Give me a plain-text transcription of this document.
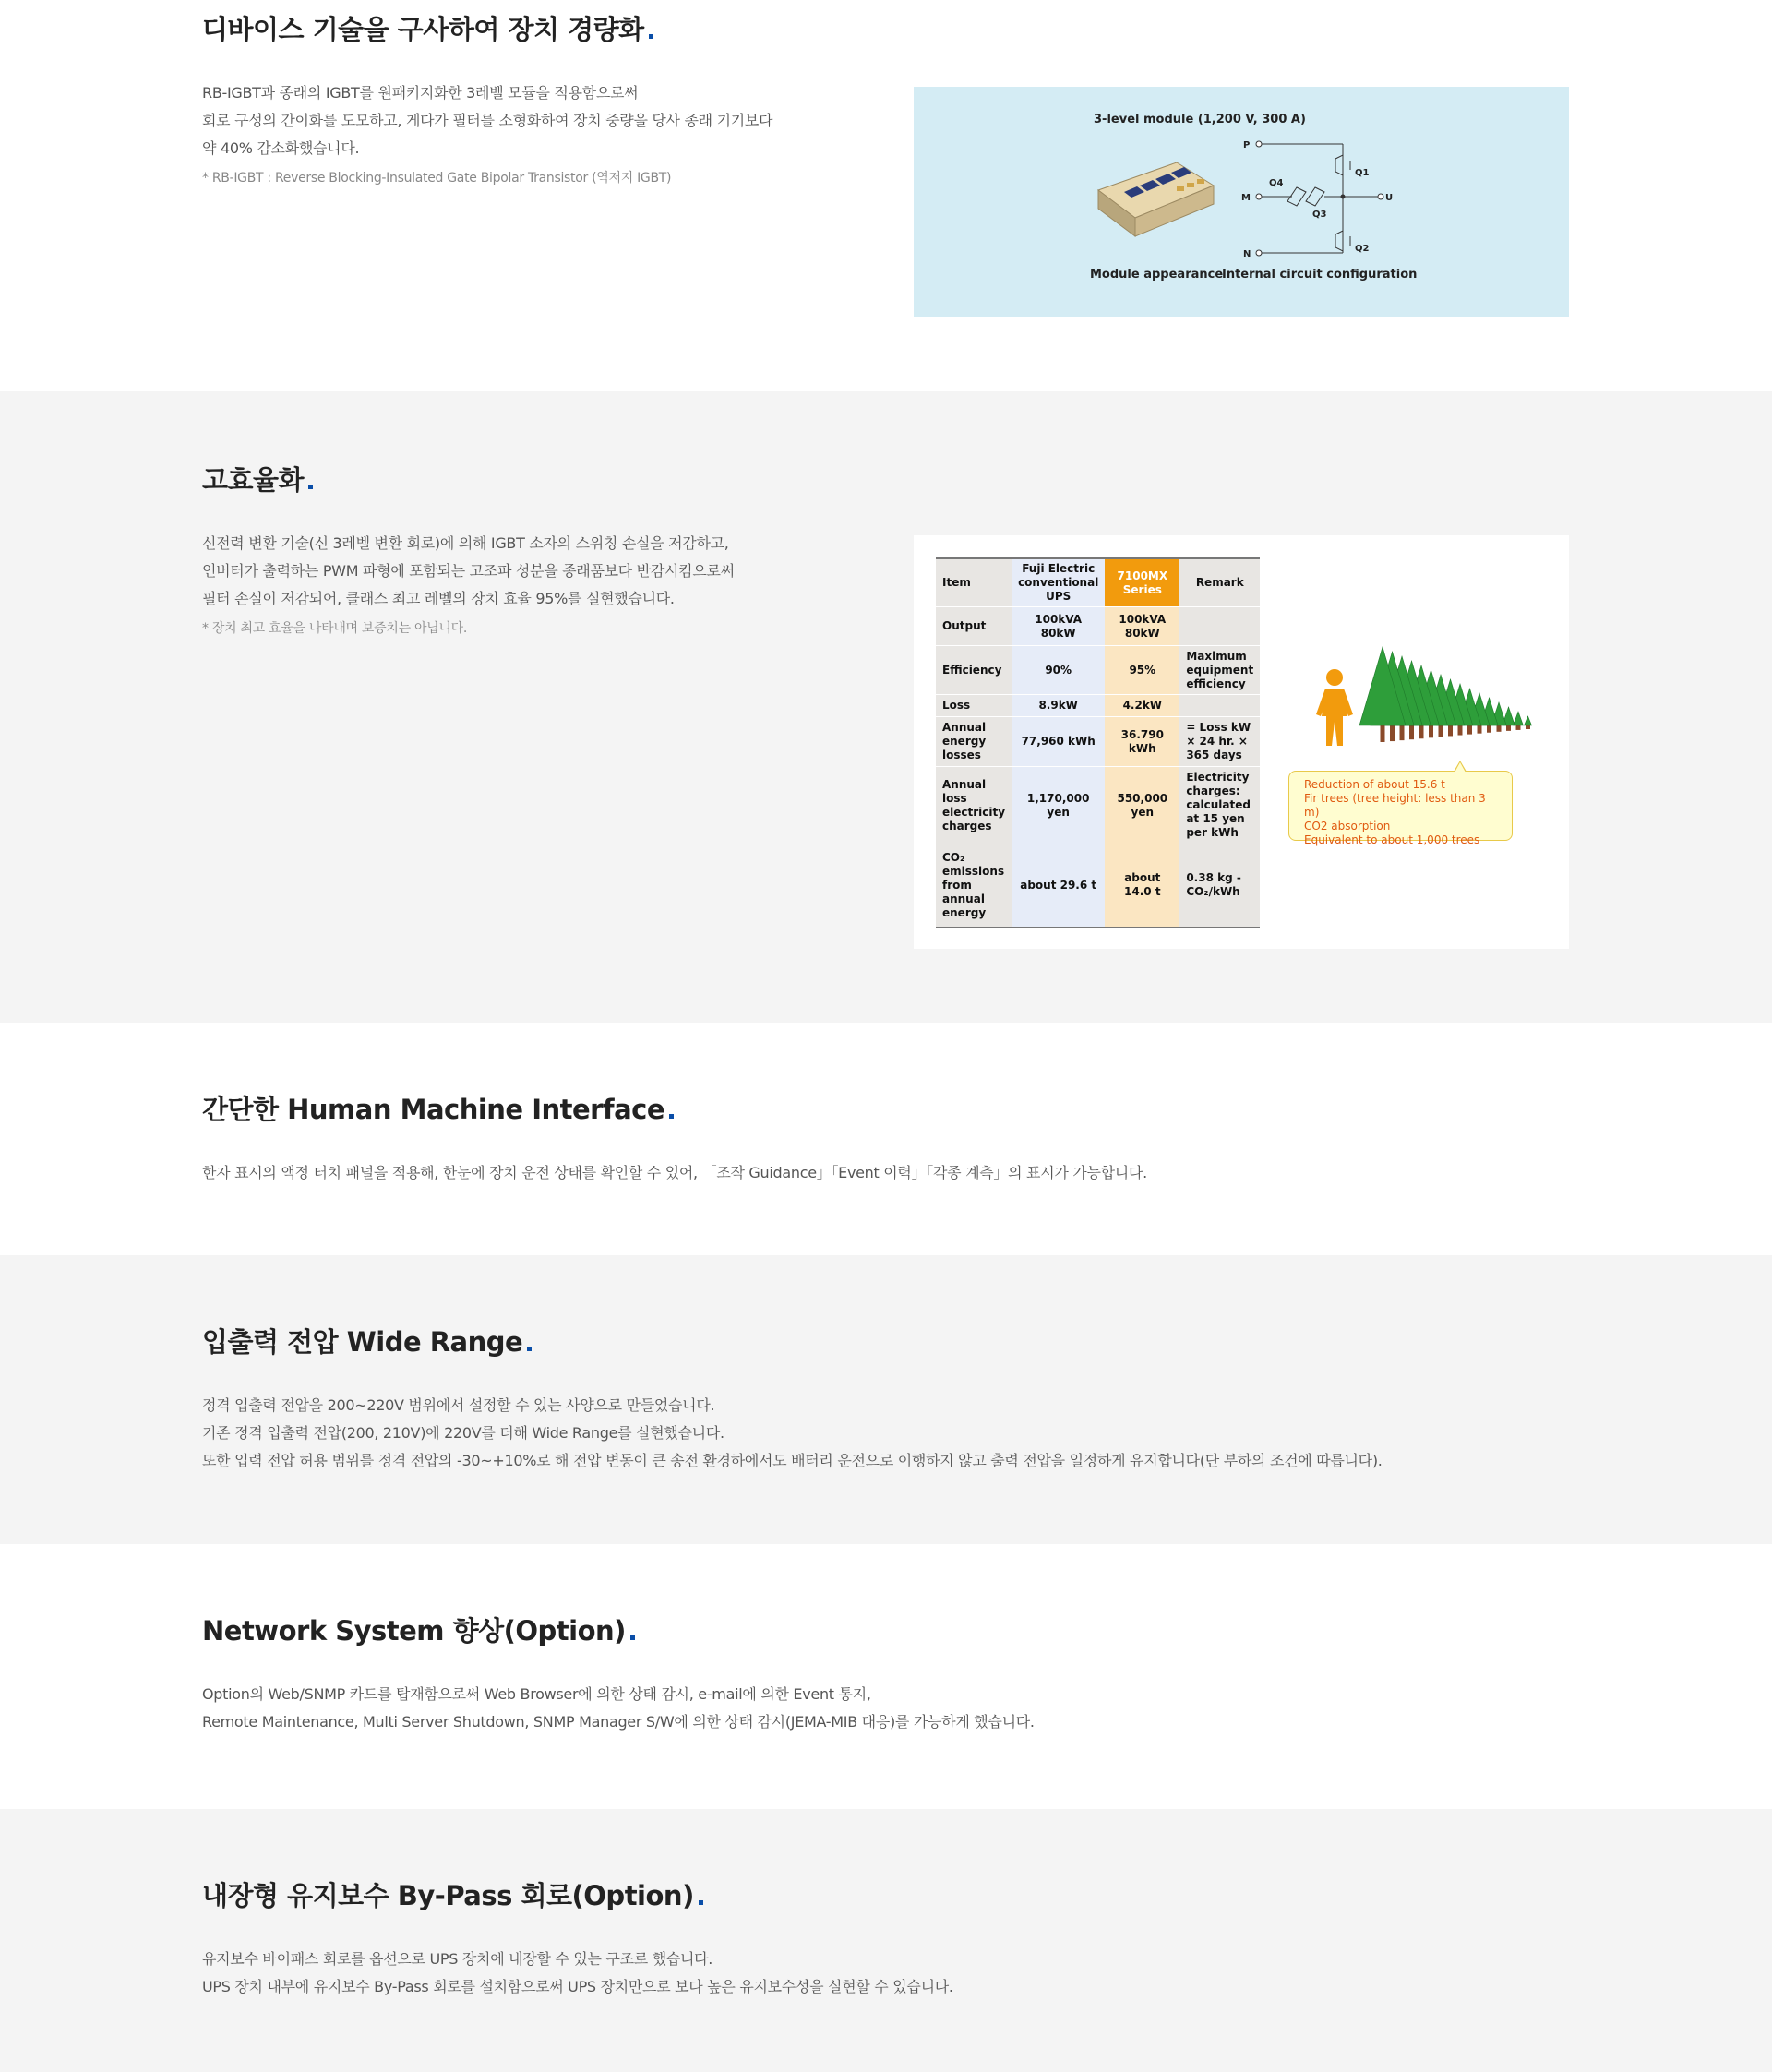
디바이스 기술을 구사하여 장치 경량화

RB-IGBT과 종래의 IGBT를 원패키지화한 3레벨 모듈을 적용함으로써

회로 구성의 간이화를 도모하고, 게다가 필터를 소형화하여 장치 중량을 당사 종래 기기보다

약 40% 감소화했습니다.

* RB-IGBT : Reverse Blocking-Insulated Gate Bipolar Transistor (역저지 IGBT)

3-level module (1,200 V, 300 A)
P
M
N
U
Q1
Q2
Q3
Q4
Module appearance
Internal circuit configuration
고효율화

신전력 변환 기술(신 3레벨 변환 회로)에 의해 IGBT 소자의 스위칭 손실을 저감하고,

인버터가 출력하는 PWM 파형에 포함되는 고조파 성분을 종래품보다 반감시킴으로써

필터 손실이 저감되어, 클래스 최고 레벨의 장치 효율 95%를 실현했습니다.

* 장치 최고 효율을 나타내며 보증치는 아닙니다.

Item	Fuji Electric conventional UPS	7100MX Series	Remark
Output	100kVA 80kW	100kVA 80kW	
Efficiency	90%	95%	Maximum equipment efficiency
Loss	8.9kW	4.2kW	
Annual energy losses	77,960 kWh	36.790 kWh	= Loss kW × 24 hr. × 365 days
Annual loss electricity charges	1,170,000 yen	550,000 yen	Electricity charges: calculated at 15 yen per kWh
CO₂ emissions from annual energy	about 29.6 t	about 14.0 t	0.38 kg - CO₂/kWh
Reduction of about 15.6 t
Fir trees (tree height: less than 3 m)
CO2 absorption
Equivalent to about 1,000 trees
간단한 Human Machine Interface

한자 표시의 액정 터치 패널을 적용해, 한눈에 장치 운전 상태를 확인할 수 있어, 「조작 Guidance」「Event 이력」「각종 계측」의 표시가 가능합니다.

입출력 전압 Wide Range

정격 입출력 전압을 200~220V 범위에서 설정할 수 있는 사양으로 만들었습니다.

기존 정격 입출력 전압(200, 210V)에 220V를 더해 Wide Range를 실현했습니다.

또한 입력 전압 허용 범위를 정격 전압의 -30~+10%로 해 전압 변동이 큰 송전 환경하에서도 배터리 운전으로 이행하지 않고 출력 전압을 일정하게 유지합니다(단 부하의 조건에 따릅니다).

Network System 향상(Option)

Option의 Web/SNMP 카드를 탑재함으로써 Web Browser에 의한 상태 감시, e-mail에 의한 Event 통지,

Remote Maintenance, Multi Server Shutdown, SNMP Manager S/W에 의한 상태 감시(JEMA-MIB 대응)를 가능하게 했습니다.

내장형 유지보수 By-Pass 회로(Option)

유지보수 바이패스 회로를 옵션으로 UPS 장치에 내장할 수 있는 구조로 했습니다.

UPS 장치 내부에 유지보수 By-Pass 회로를 설치함으로써 UPS 장치만으로 보다 높은 유지보수성을 실현할 수 있습니다.
